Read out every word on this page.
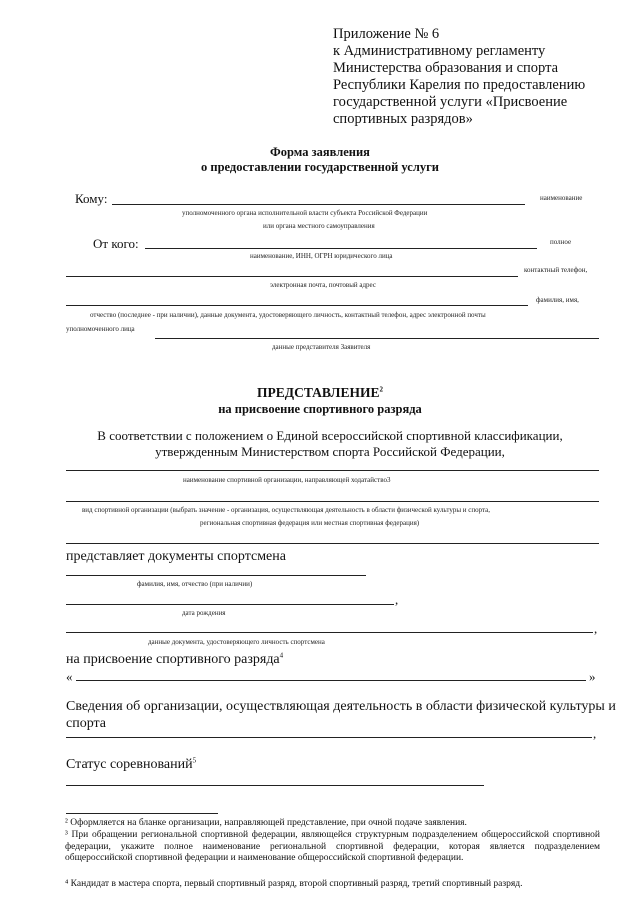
Приложение № 6
к Административному регламенту
Министерства образования и спорта
Республики Карелия по предоставлению
государственной услуги «Присвоение
спортивных разрядов»
Форма заявления
о предоставлении государственной услуги
Кому:	наименование
уполномоченного органа исполнительной власти субъекта Российской Федерации
или органа местного самоуправления
От кого:	полное
наименование, ИНН, ОГРН юридического лица
контактный телефон,
электронная почта, почтовый адрес
фамилия, имя,
отчество (последнее - при наличии), данные документа, удостоверяющего личность, контактный телефон, адрес электронной почты
уполномоченного лица
данные представителя Заявителя
ПРЕДСТАВЛЕНИЕ$^2$
на присвоение спортивного разряда
В соответствии с положением о Единой всероссийской спортивной классификации,
утвержденным Министерством спорта Российской Федерации,
наименование спортивной организации, направляющей ходатайство3
вид спортивной организации (выбрать значение - организация, осуществляющая деятельность в области физической культуры и спорта,
региональная спортивная федерация или местная спортивная федерация)
представляет документы спортсмена
фамилия, имя, отчество (при наличии)
,
дата рождения
,
данные документа, удостоверяющего личность спортсмена
на присвоение спортивного разряда$^4$
«	»
Сведения об организации, осуществляющая деятельность в области физической культуры и
спорта
,
Статус соревнований$^5$
² Оформляется на бланке организации, направляющей представление, при очной подаче заявления.
³ При обращении региональной спортивной федерации, являющейся структурным подразделением общероссийской спортивной федерации, укажите полное наименование региональной спортивной федерации, которая является подразделением общероссийской спортивной федерации и наименование общероссийской спортивной федерации.
⁴ Кандидат в мастера спорта, первый спортивный разряд, второй спортивный разряд, третий спортивный разряд.
